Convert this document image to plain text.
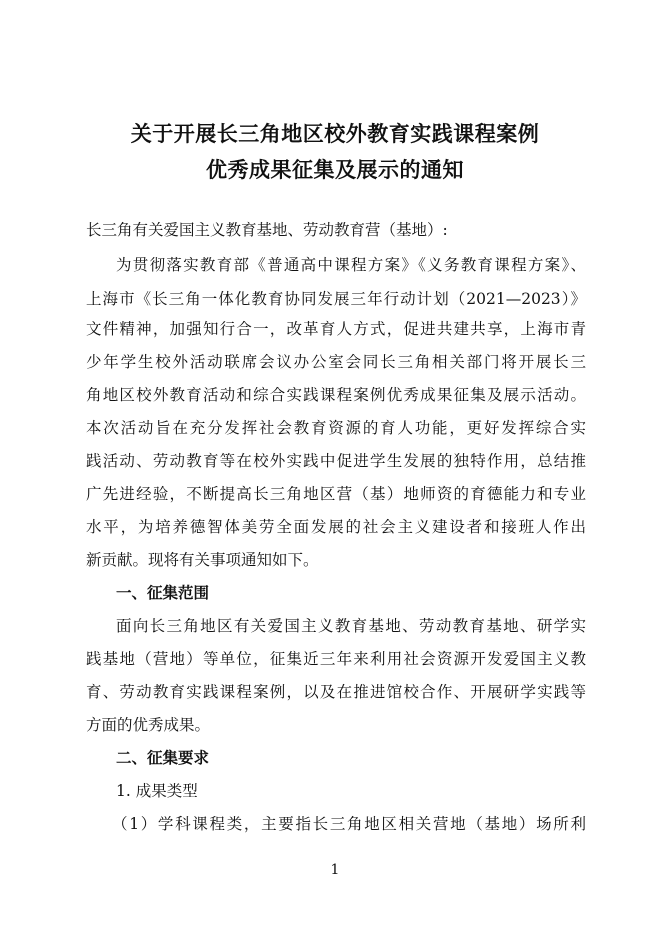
关于开展长三角地区校外教育实践课程案例
优秀成果征集及展示的通知
长三角有关爱国主义教育基地、劳动教育营（基地）:
为贯彻落实教育部《普通高中课程方案》《义务教育课程方案》、
上海市《长三角一体化教育协同发展三年行动计划（2021—2023）》
文件精神，加强知行合一，改革育人方式，促进共建共享，上海市青
少年学生校外活动联席会议办公室会同长三角相关部门将开展长三
角地区校外教育活动和综合实践课程案例优秀成果征集及展示活动。
本次活动旨在充分发挥社会教育资源的育人功能，更好发挥综合实
践活动、劳动教育等在校外实践中促进学生发展的独特作用，总结推
广先进经验，不断提高长三角地区营（基）地师资的育德能力和专业
水平，为培养德智体美劳全面发展的社会主义建设者和接班人作出
新贡献。现将有关事项通知如下。
一、征集范围
面向长三角地区有关爱国主义教育基地、劳动教育基地、研学实
践基地（营地）等单位，征集近三年来利用社会资源开发爱国主义教
育、劳动教育实践课程案例，以及在推进馆校合作、开展研学实践等
方面的优秀成果。
二、征集要求
1. 成果类型
（1）学科课程类，主要指长三角地区相关营地（基地）场所利
1
